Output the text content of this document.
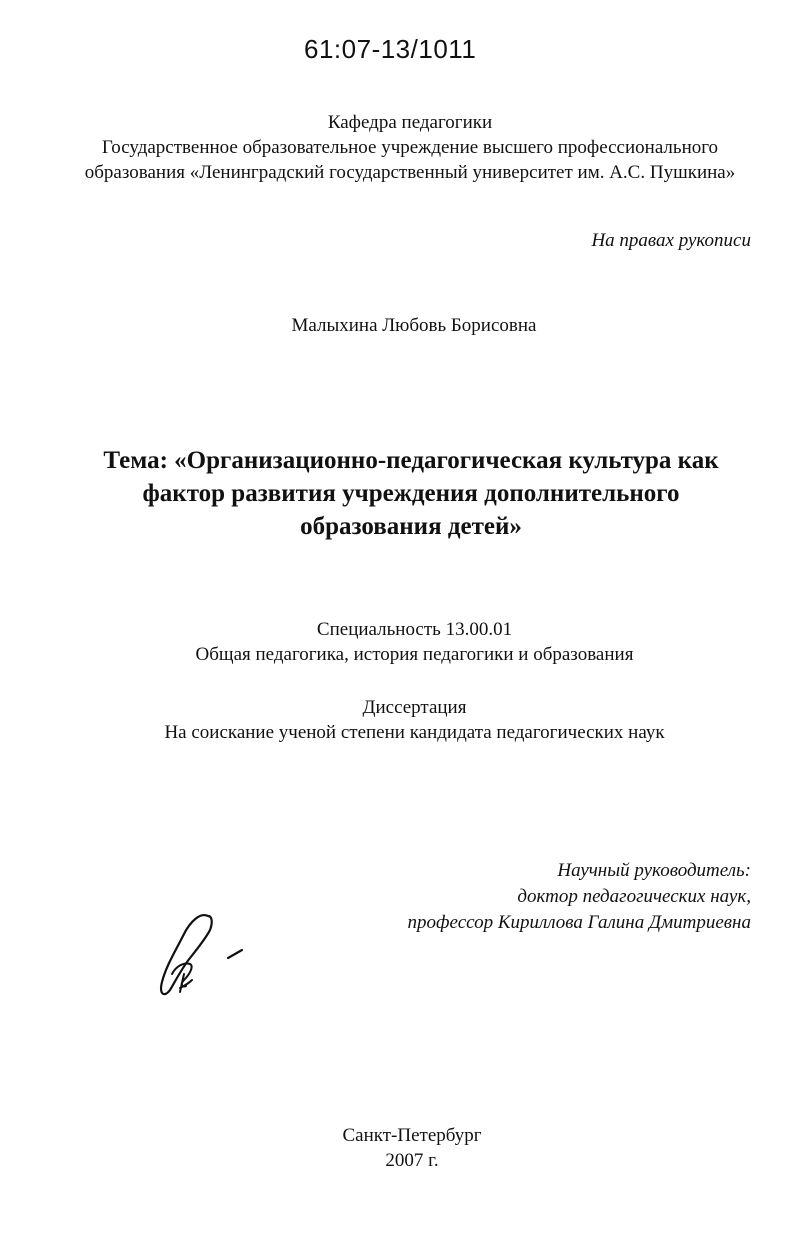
61:07-13/1011
Кафедра педагогики
Государственное образовательное учреждение высшего профессионального
образования «Ленинградский государственный университет им. А.С. Пушкина»
На правах рукописи
Малыхина Любовь Борисовна
Тема: «Организационно-педагогическая культура как
фактор развития учреждения дополнительного
образования детей»
Специальность 13.00.01
Общая педагогика, история педагогики и образования
Диссертация
На соискание ученой степени кандидата педагогических наук
Научный руководитель:
доктор педагогических наук,
профессор Кириллова Галина Дмитриевна
Санкт-Петербург
2007 г.
